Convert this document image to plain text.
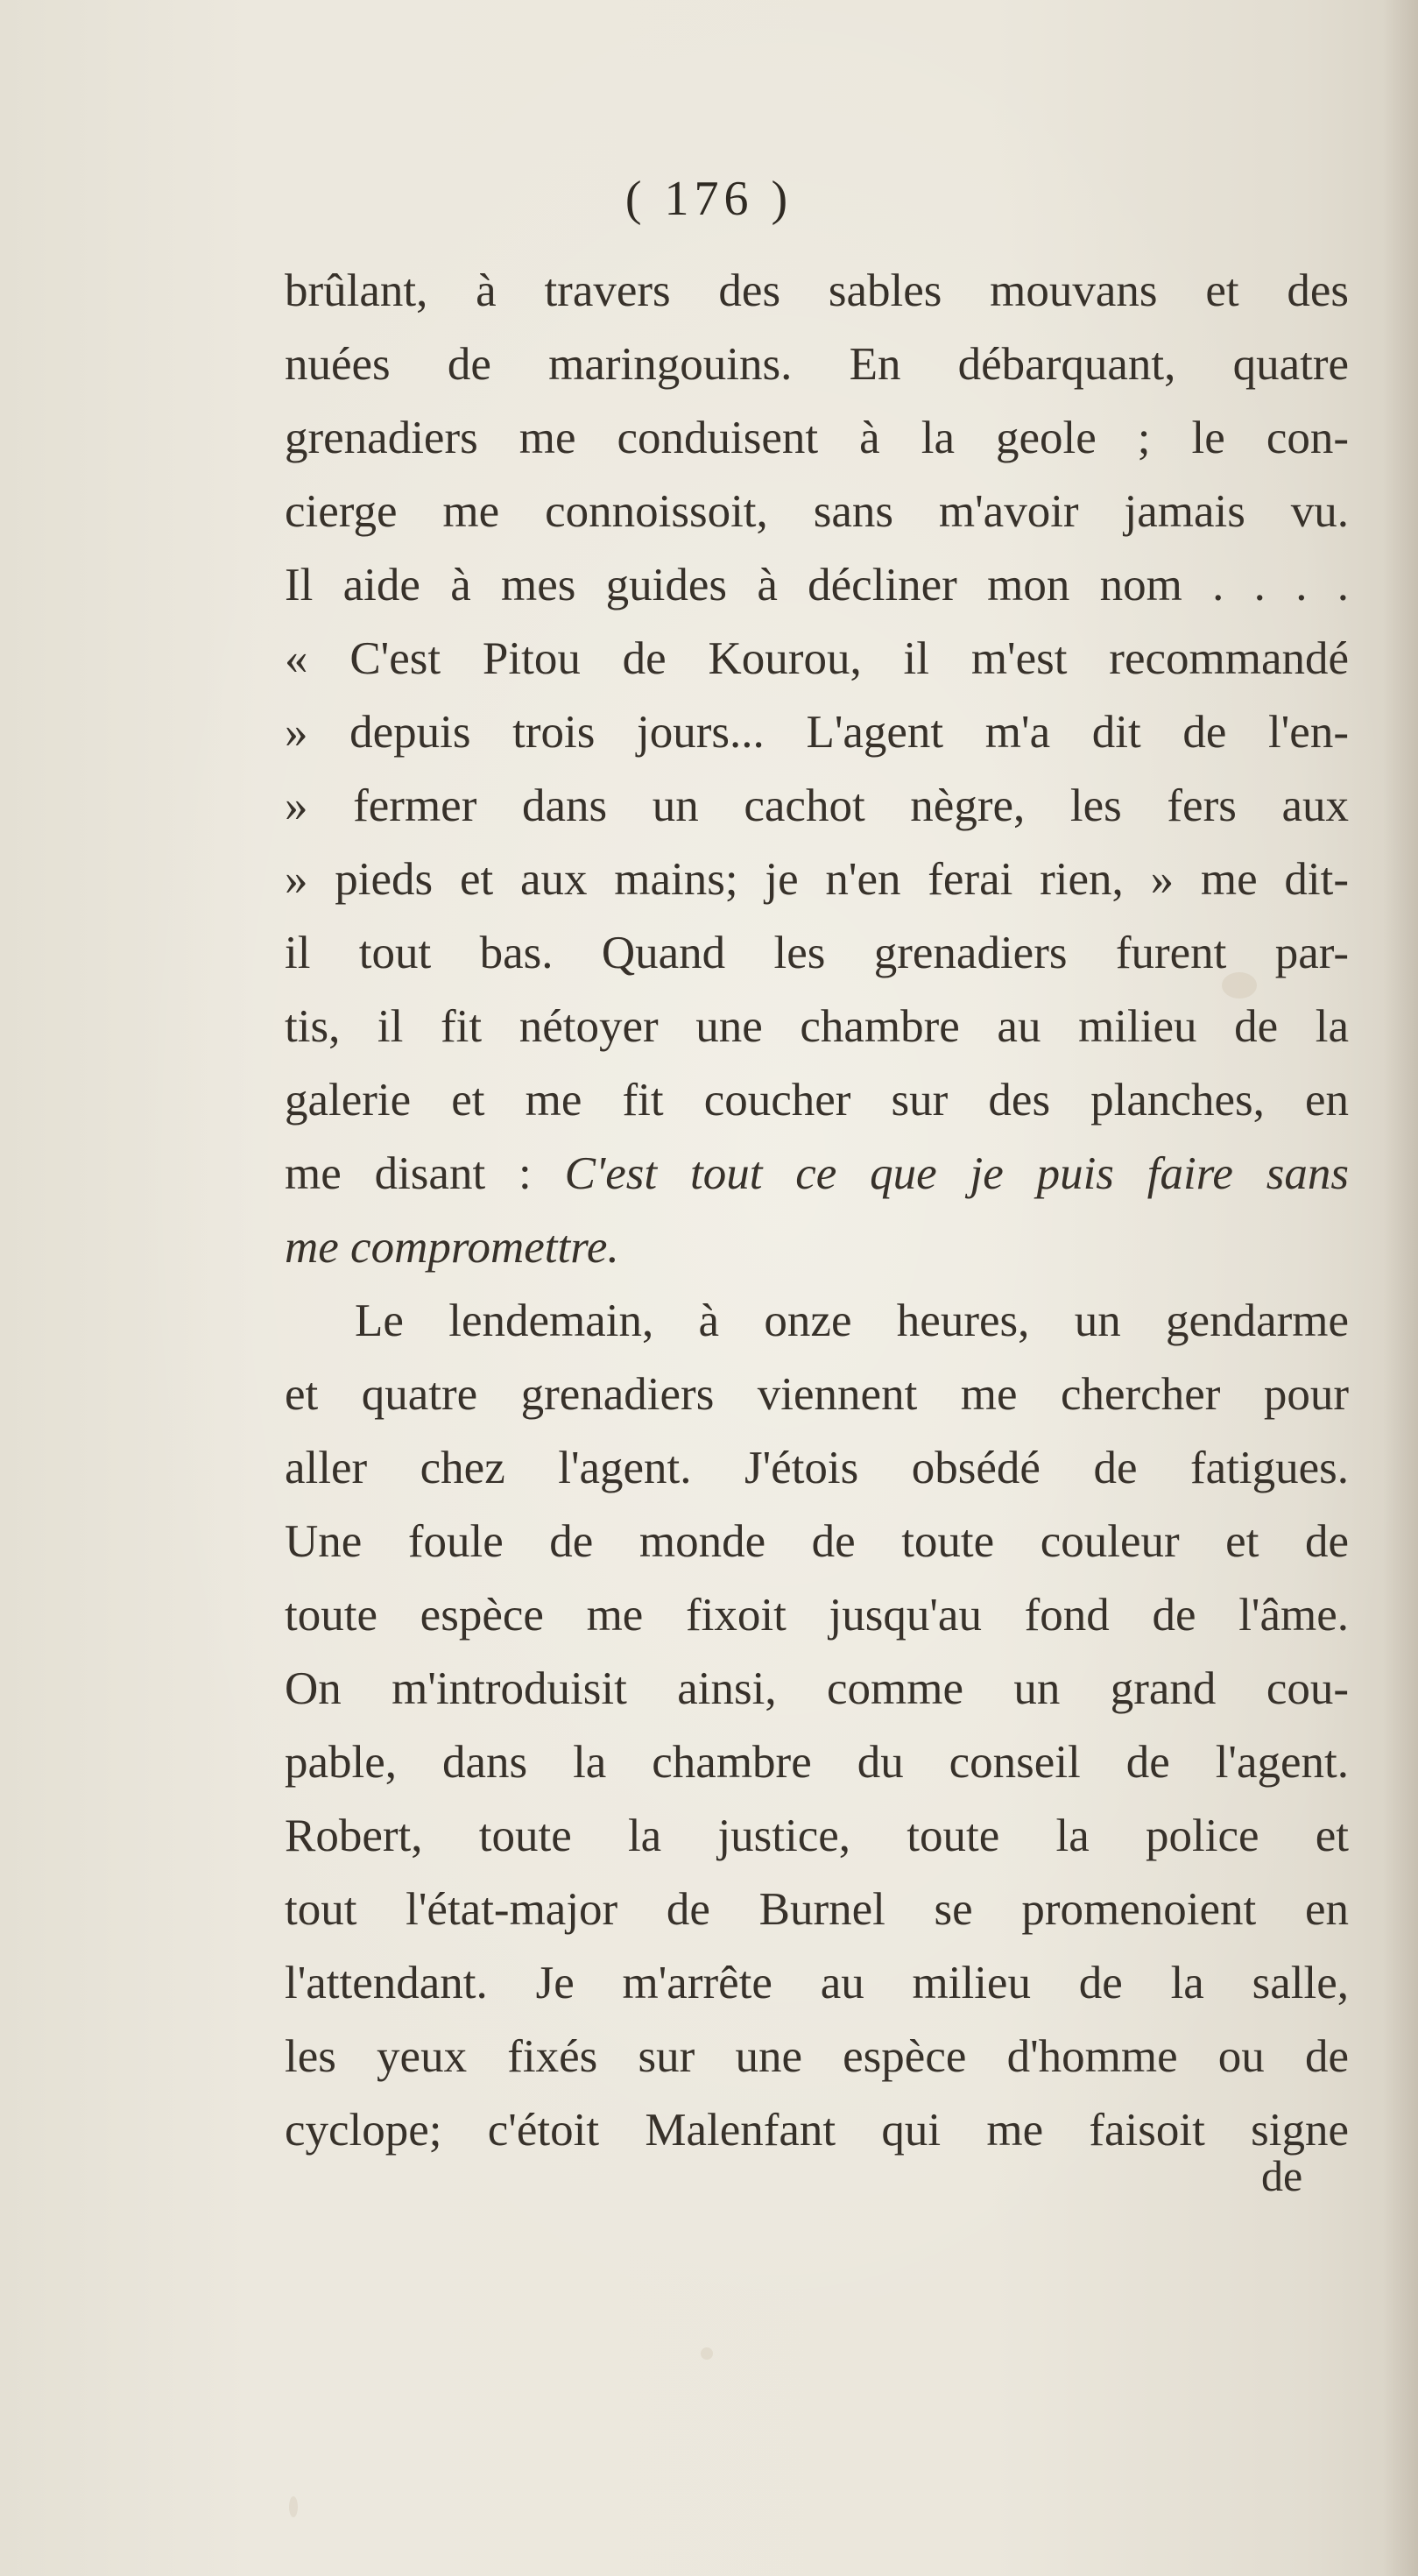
( 176 )
brûlant, à travers des sables mouvans et des
nuées de maringouins. En débarquant, quatre
grenadiers me conduisent à la geole ; le con-
cierge me connoissoit, sans m'avoir jamais vu.
Il aide à mes guides à décliner mon nom . . . .
« C'est Pitou de Kourou, il m'est recommandé
» depuis trois jours... L'agent m'a dit de l'en-
» fermer dans un cachot nègre, les fers aux
» pieds et aux mains; je n'en ferai rien, » me dit-
il tout bas. Quand les grenadiers furent par-
tis, il fit nétoyer une chambre au milieu de la
galerie et me fit coucher sur des planches, en
me disant : C'est tout ce que je puis faire sans
me compromettre.
Le lendemain, à onze heures, un gendarme
et quatre grenadiers viennent me chercher pour
aller chez l'agent. J'étois obsédé de fatigues.
Une foule de monde de toute couleur et de
toute espèce me fixoit jusqu'au fond de l'âme.
On m'introduisit ainsi, comme un grand cou-
pable, dans la chambre du conseil de l'agent.
Robert, toute la justice, toute la police et
tout l'état-major de Burnel se promenoient en
l'attendant. Je m'arrête au milieu de la salle,
les yeux fixés sur une espèce d'homme ou de
cyclope; c'étoit Malenfant qui me faisoit signe
de
